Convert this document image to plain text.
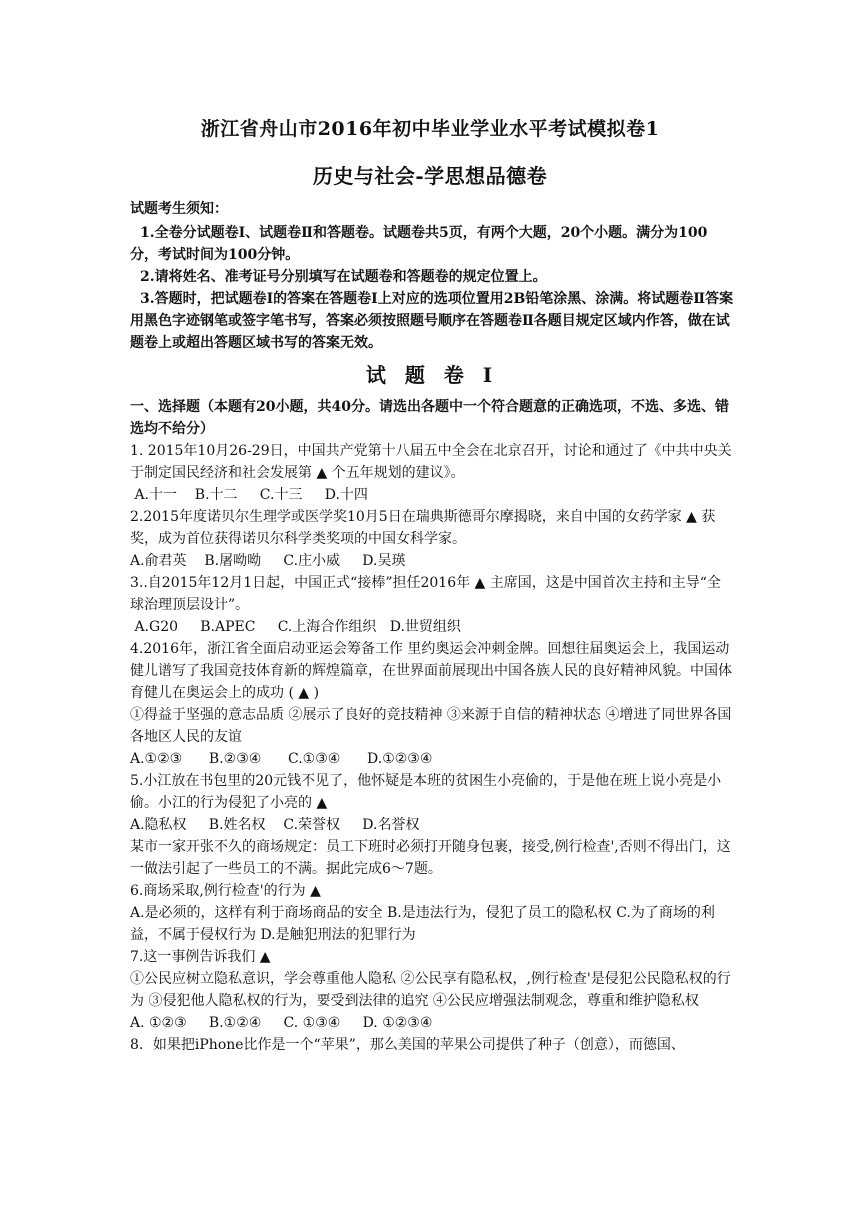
浙江省舟山市2016年初中毕业学业水平考试模拟卷1
历史与社会-学思想品德卷
试题考生须知：

1.全卷分试题卷Ⅰ、试题卷Ⅱ和答题卷。试题卷共5页，有两个大题，20个小题。满分为100分，考试时间为100分钟。

2.请将姓名、准考证号分别填写在试题卷和答题卷的规定位置上。

3.答题时，把试题卷Ⅰ的答案在答题卷Ⅰ上对应的选项位置用2B铅笔涂黑、涂满。将试题卷Ⅱ答案用黑色字迹钢笔或签字笔书写，答案必须按照题号顺序在答题卷Ⅱ各题目规定区域内作答，做在试题卷上或超出答题区域书写的答案无效。

试 题 卷 Ⅰ

一、选择题（本题有20小题，共40分。请选出各题中一个符合题意的正确选项，不选、多选、错选均不给分）

1. 2015年10月26-29日，中国共产党第十八届五中全会在北京召开，讨论和通过了《中共中央关于制定国民经济和社会发展第 ▲ 个五年规划的建议》。

A.十一    B.十二     C.十三     D.十四

2.2015年度诺贝尔生理学或医学奖10月5日在瑞典斯德哥尔摩揭晓，来自中国的女药学家 ▲ 获奖，成为首位获得诺贝尔科学类奖项的中国女科学家。

A.俞君英    B.屠呦呦     C.庄小威     D.吴瑛

3..自2015年12月1日起，中国正式“接棒”担任2016年 ▲ 主席国，这是中国首次主持和主导“全球治理顶层设计”。

A.G20     B.APEC     C.上海合作组织   D.世贸组织

4.2016年，浙江省全面启动亚运会筹备工作 里约奥运会冲刺金牌。回想往届奥运会上，我国运动健儿谱写了我国竞技体育新的辉煌篇章，在世界面前展现出中国各族人民的良好精神风貌。中国体育健儿在奥运会上的成功 ( ▲ )

①得益于坚强的意志品质 ②展示了良好的竞技精神 ③来源于自信的精神状态 ④增进了同世界各国各地区人民的友谊

A.①②③      B.②③④      C.①③④      D.①②③④

5.小江放在书包里的20元钱不见了，他怀疑是本班的贫困生小亮偷的，于是他在班上说小亮是小偷。小江的行为侵犯了小亮的 ▲

A.隐私权     B.姓名权    C.荣誉权     D.名誉权

某市一家开张不久的商场规定：员工下班时必须打开随身包裹，接受,例行检查',否则不得出门，这一做法引起了一些员工的不满。据此完成6～7题。

6.商场采取,例行检查'的行为 ▲

A.是必须的，这样有利于商场商品的安全 B.是违法行为，侵犯了员工的隐私权 C.为了商场的利益，不属于侵权行为 D.是触犯刑法的犯罪行为

7.这一事例告诉我们 ▲

①公民应树立隐私意识，学会尊重他人隐私 ②公民享有隐私权，,例行检查'是侵犯公民隐私权的行为 ③侵犯他人隐私权的行为，要受到法律的追究 ④公民应增强法制观念，尊重和维护隐私权

A. ①②③     B.①②④     C. ①③④     D. ①②③④

8．如果把iPhone比作是一个“苹果”，那么美国的苹果公司提供了种子（创意），而德国、
